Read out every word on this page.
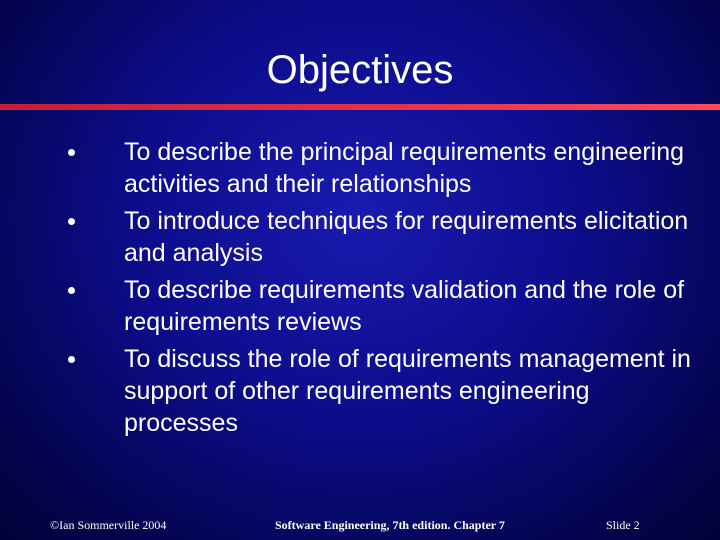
Objectives
To describe the principal requirements engineering activities and their relationships
To introduce techniques for requirements elicitation and analysis
To describe requirements validation and the role of requirements reviews
To discuss the role of requirements management in support of other requirements engineering processes
©Ian Sommerville 2004	Software Engineering, 7th edition. Chapter 7	Slide 2
